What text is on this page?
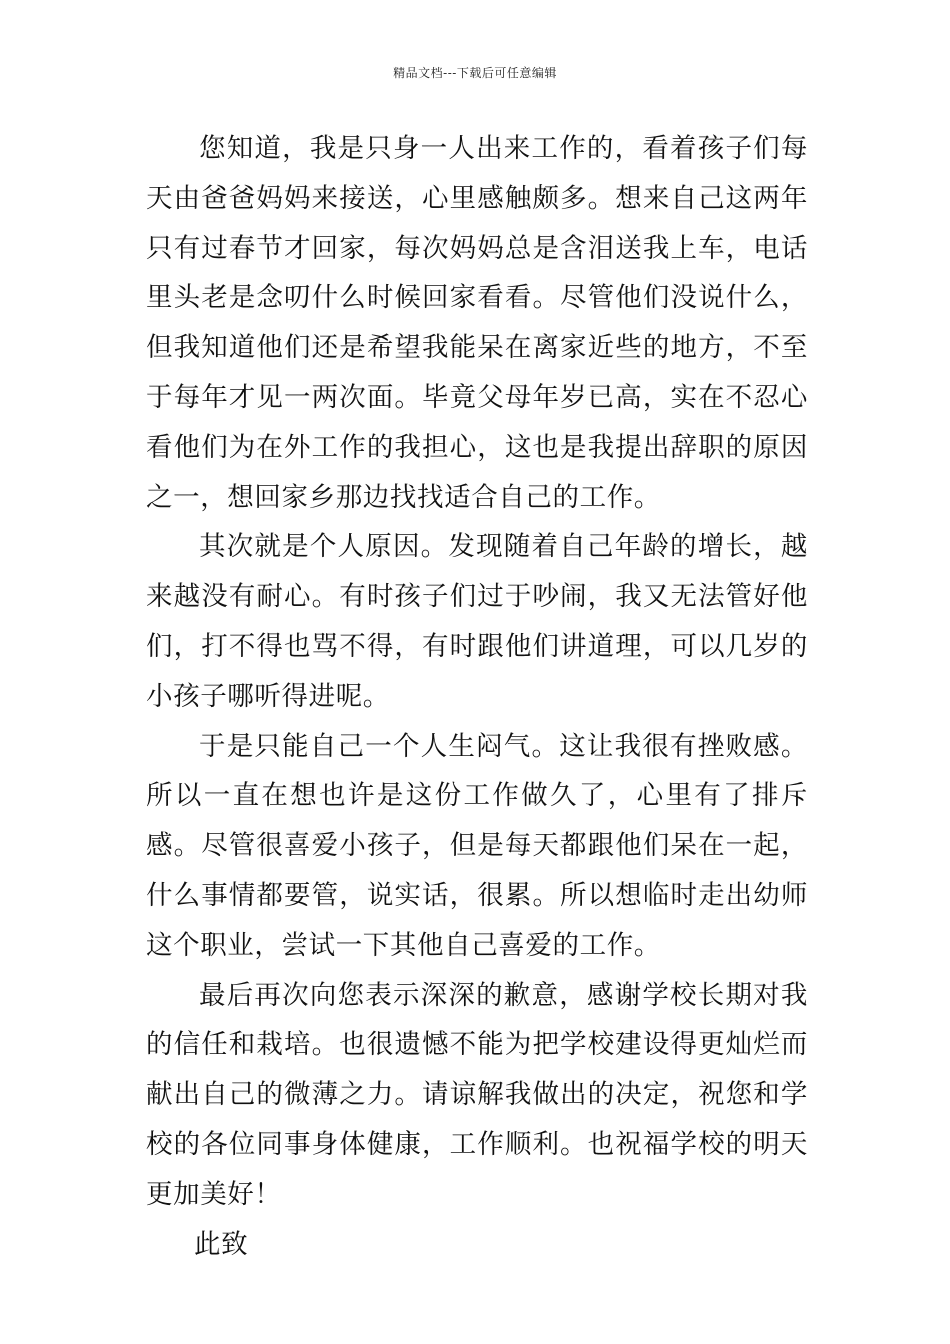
精品文档---下载后可任意编辑

您知道，我是只身一人出来工作的，看着孩子们每天由爸爸妈妈来接送，心里感触颇多。想来自己这两年只有过春节才回家，每次妈妈总是含泪送我上车，电话里头老是念叨什么时候回家看看。尽管他们没说什么，但我知道他们还是希望我能呆在离家近些的地方，不至于每年才见一两次面。毕竟父母年岁已高，实在不忍心看他们为在外工作的我担心，这也是我提出辞职的原因之一，想回家乡那边找找适合自己的工作。

其次就是个人原因。发现随着自己年龄的增长，越来越没有耐心。有时孩子们过于吵闹，我又无法管好他们，打不得也骂不得，有时跟他们讲道理，可以几岁的小孩子哪听得进呢。

于是只能自己一个人生闷气。这让我很有挫败感。所以一直在想也许是这份工作做久了，心里有了排斥感。尽管很喜爱小孩子，但是每天都跟他们呆在一起，什么事情都要管，说实话，很累。所以想临时走出幼师这个职业，尝试一下其他自己喜爱的工作。

最后再次向您表示深深的歉意，感谢学校长期对我的信任和栽培。也很遗憾不能为把学校建设得更灿烂而献出自己的微薄之力。请谅解我做出的决定，祝您和学校的各位同事身体健康，工作顺利。也祝福学校的明天更加美好！

此致
